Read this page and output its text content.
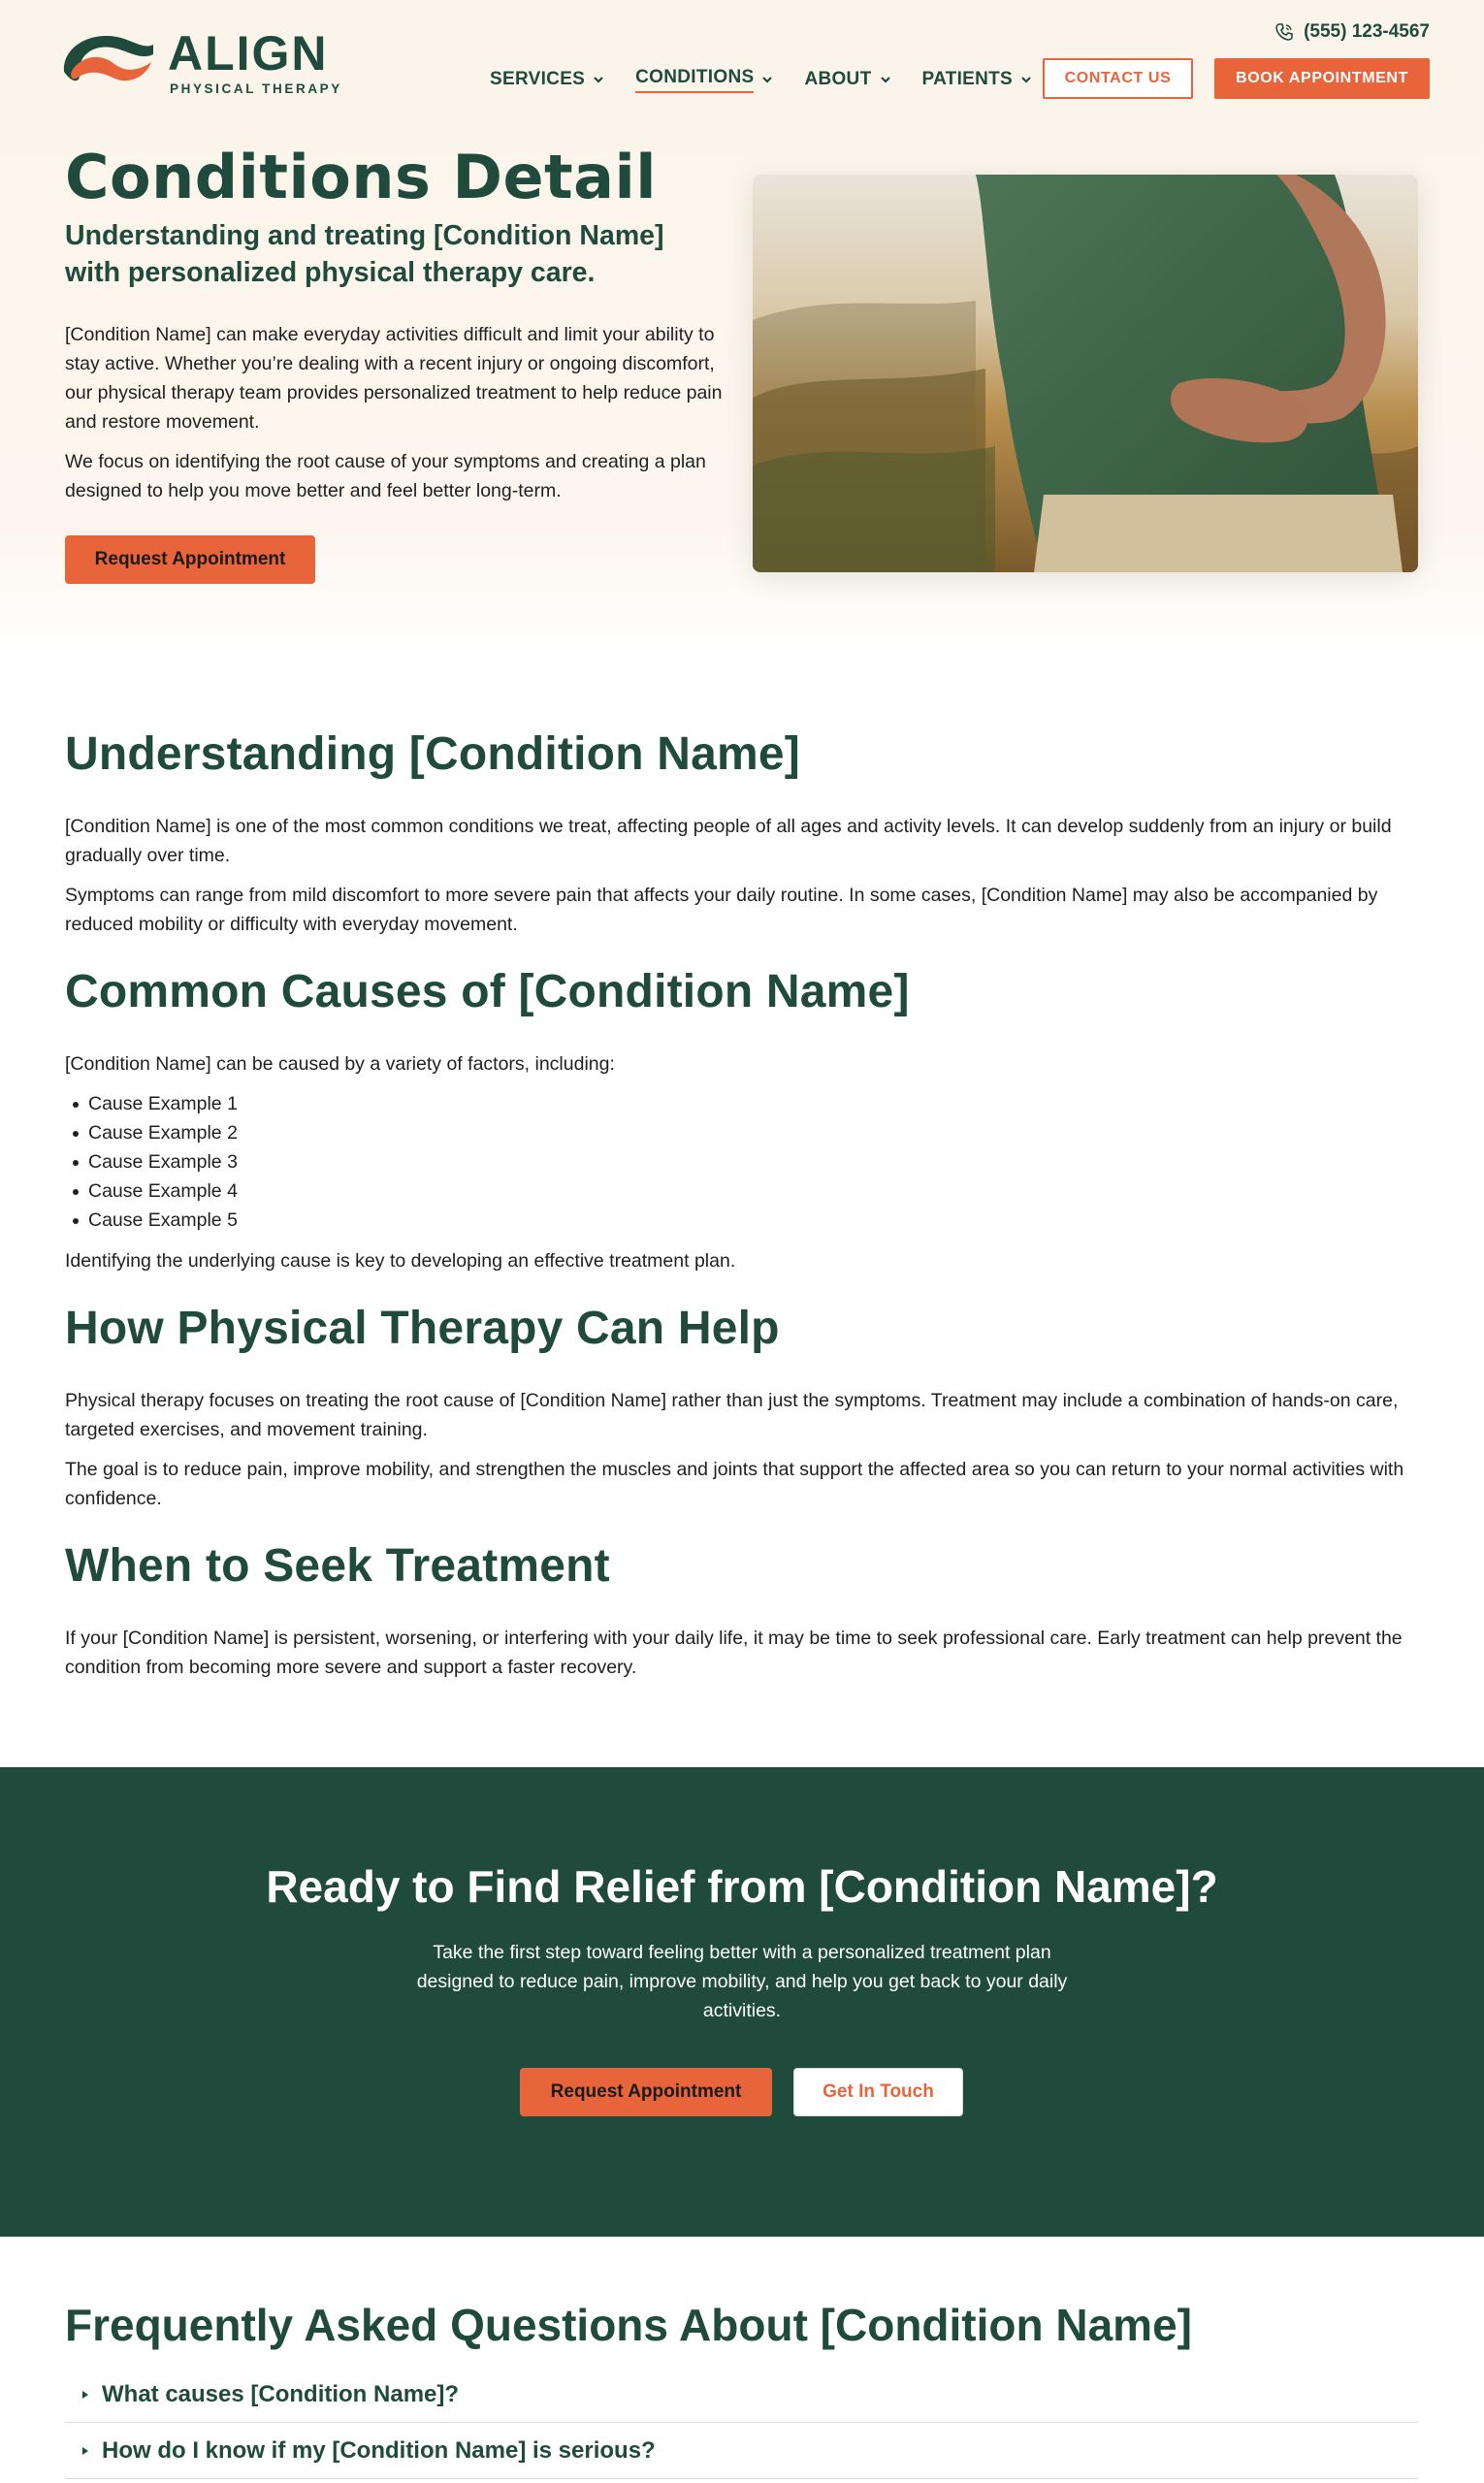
ALIGN
PHYSICAL THERAPY
(555) 123-4567
SERVICES	CONDITIONS	ABOUT	PATIENTS	CONTACT US	BOOK APPOINTMENT
Conditions Detail
Understanding and treating [Condition Name] with personalized physical therapy care.

[Condition Name] can make everyday activities difficult and limit your ability to stay active. Whether you’re dealing with a recent injury or ongoing discomfort, our physical therapy team provides personalized treatment to help reduce pain and restore movement.

We focus on identifying the root cause of your symptoms and creating a plan designed to help you move better and feel better long-term.

Request Appointment
Understanding [Condition Name]

[Condition Name] is one of the most common conditions we treat, affecting people of all ages and activity levels. It can develop suddenly from an injury or build gradually over time.

Symptoms can range from mild discomfort to more severe pain that affects your daily routine. In some cases, [Condition Name] may also be accompanied by reduced mobility or difficulty with everyday movement.

Common Causes of [Condition Name]

[Condition Name] can be caused by a variety of factors, including:

Cause Example 1
Cause Example 2
Cause Example 3
Cause Example 4
Cause Example 5

Identifying the underlying cause is key to developing an effective treatment plan.

How Physical Therapy Can Help

Physical therapy focuses on treating the root cause of [Condition Name] rather than just the symptoms. Treatment may include a combination of hands-on care, targeted exercises, and movement training.

The goal is to reduce pain, improve mobility, and strengthen the muscles and joints that support the affected area so you can return to your normal activities with confidence.

When to Seek Treatment

If your [Condition Name] is persistent, worsening, or interfering with your daily life, it may be time to seek professional care. Early treatment can help prevent the condition from becoming more severe and support a faster recovery.

Ready to Find Relief from [Condition Name]?

Take the first step toward feeling better with a personalized treatment plan designed to reduce pain, improve mobility, and help you get back to your daily activities.

Request Appointment	Get In Touch
Frequently Asked Questions About [Condition Name]
What causes [Condition Name]?
How do I know if my [Condition Name] is serious?
